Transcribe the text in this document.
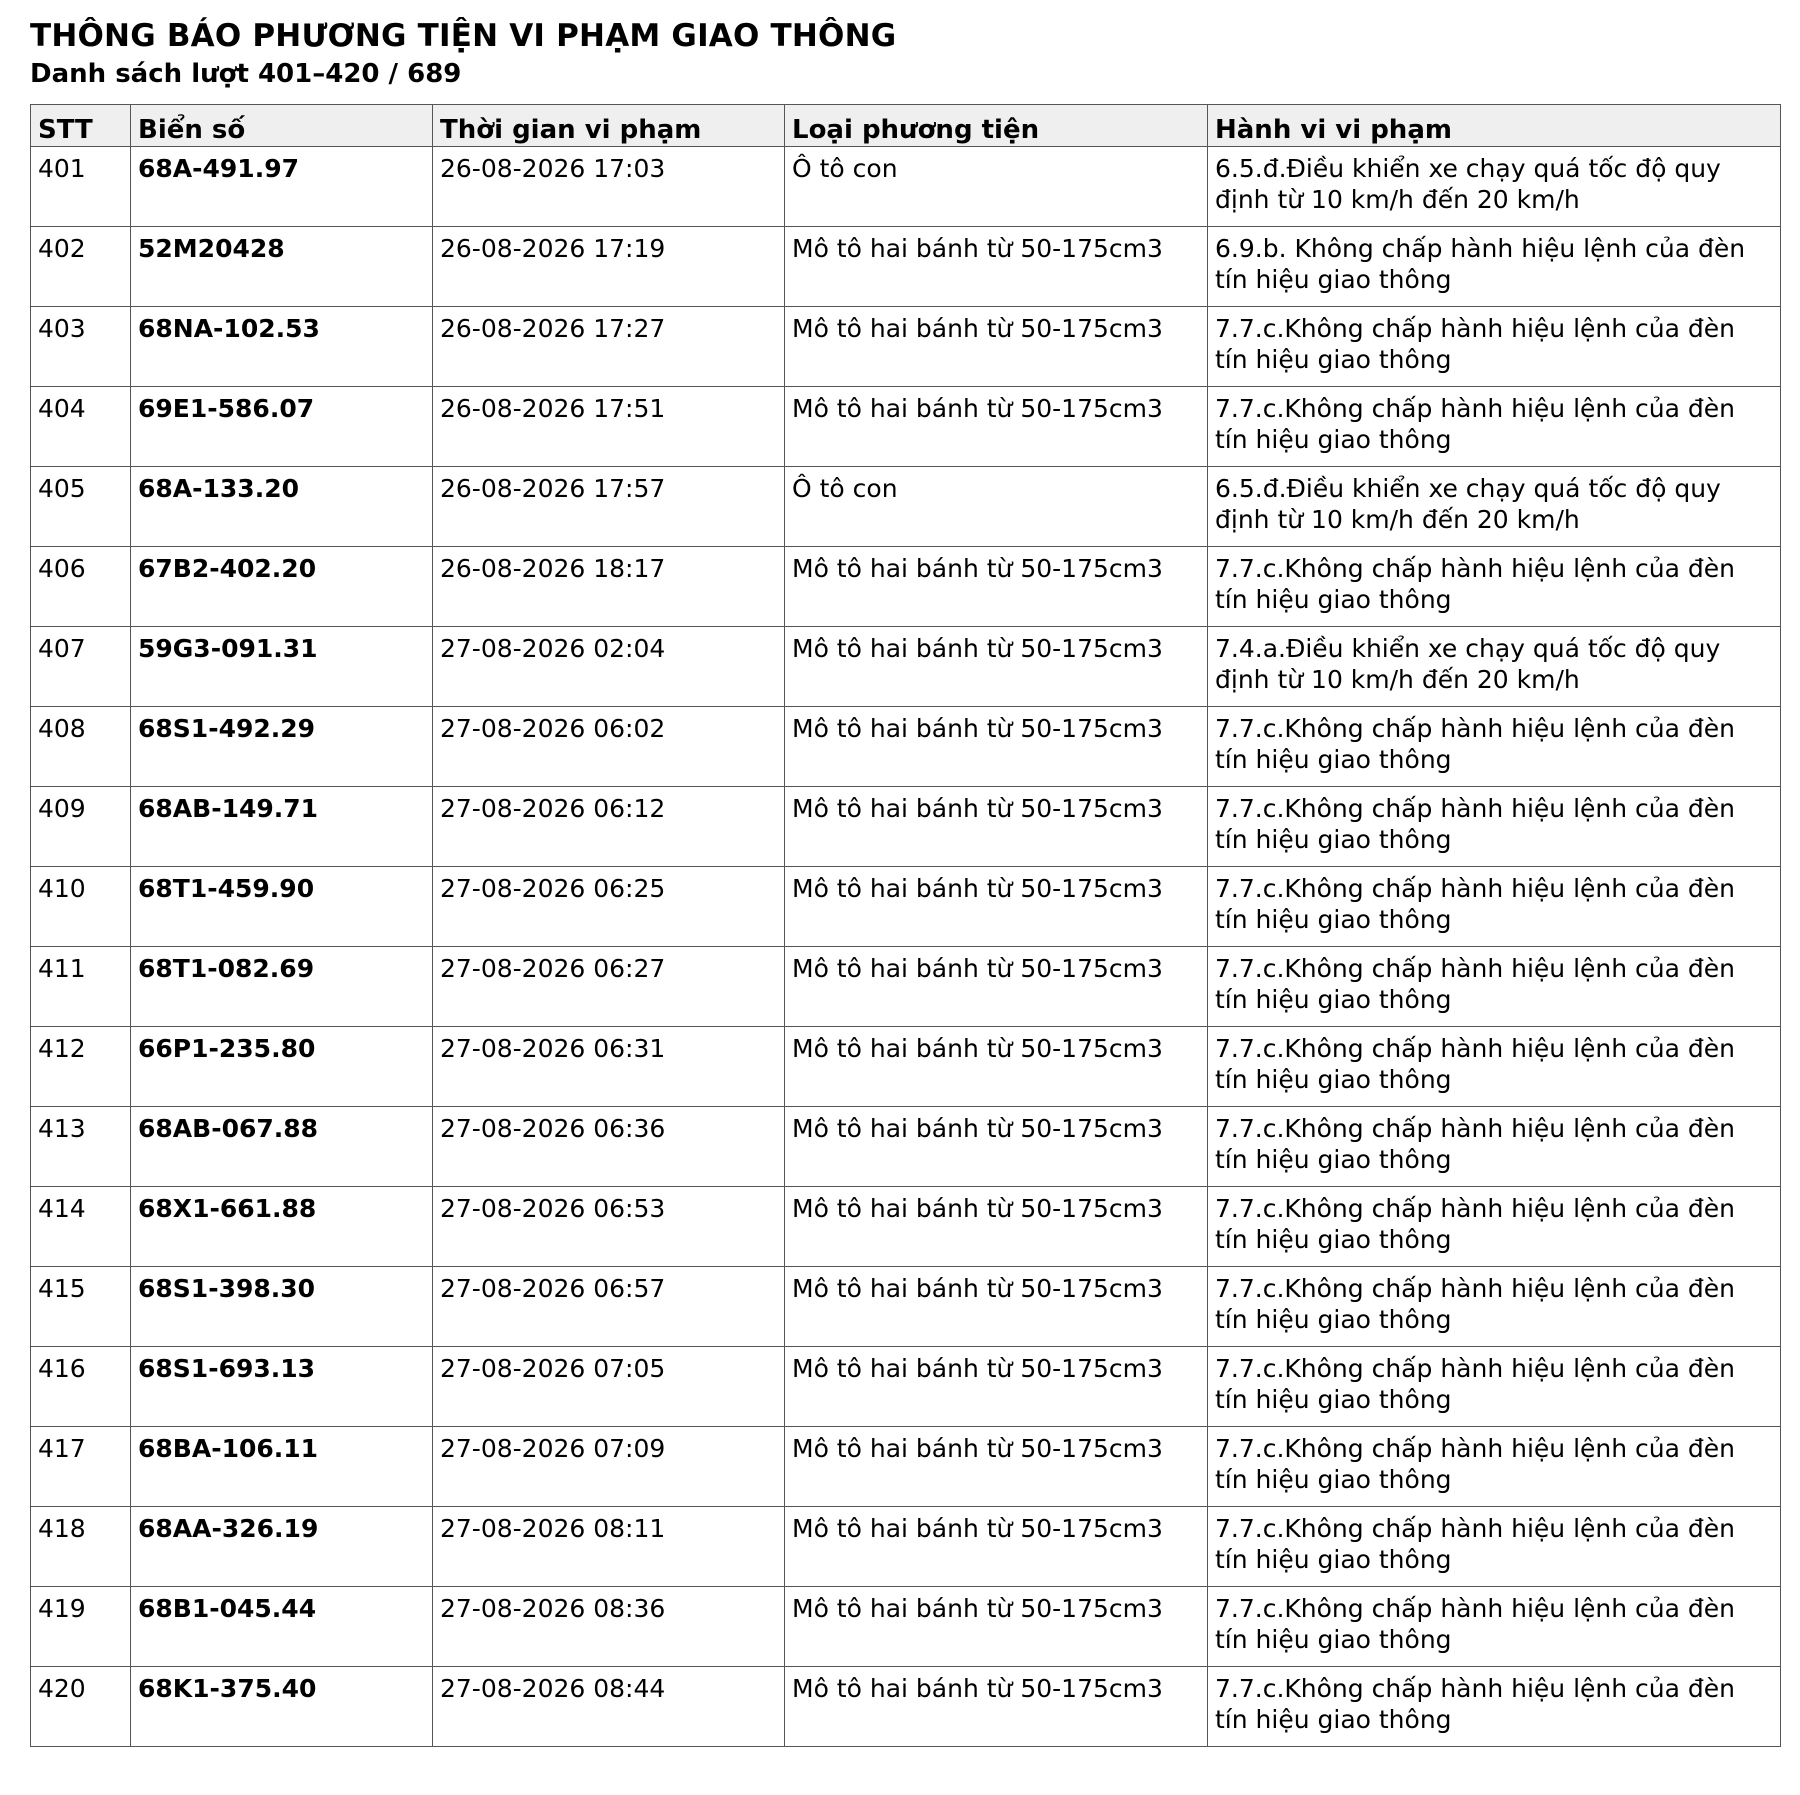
THÔNG BÁO PHƯƠNG TIỆN VI PHẠM GIAO THÔNG
Danh sách lượt 401–420 / 689
STT	Biển số	Thời gian vi phạm	Loại phương tiện	Hành vi vi phạm
401	68A-491.97	26-08-2026 17:03	Ô tô con	6.5.đ.Điều khiển xe chạy quá tốc độ quy định từ 10 km/h đến 20 km/h
402	52M20428	26-08-2026 17:19	Mô tô hai bánh từ 50-175cm3	6.9.b. Không chấp hành hiệu lệnh của đèn tín hiệu giao thông
403	68NA-102.53	26-08-2026 17:27	Mô tô hai bánh từ 50-175cm3	7.7.c.Không chấp hành hiệu lệnh của đèn tín hiệu giao thông
404	69E1-586.07	26-08-2026 17:51	Mô tô hai bánh từ 50-175cm3	7.7.c.Không chấp hành hiệu lệnh của đèn tín hiệu giao thông
405	68A-133.20	26-08-2026 17:57	Ô tô con	6.5.đ.Điều khiển xe chạy quá tốc độ quy định từ 10 km/h đến 20 km/h
406	67B2-402.20	26-08-2026 18:17	Mô tô hai bánh từ 50-175cm3	7.7.c.Không chấp hành hiệu lệnh của đèn tín hiệu giao thông
407	59G3-091.31	27-08-2026 02:04	Mô tô hai bánh từ 50-175cm3	7.4.a.Điều khiển xe chạy quá tốc độ quy định từ 10 km/h đến 20 km/h
408	68S1-492.29	27-08-2026 06:02	Mô tô hai bánh từ 50-175cm3	7.7.c.Không chấp hành hiệu lệnh của đèn tín hiệu giao thông
409	68AB-149.71	27-08-2026 06:12	Mô tô hai bánh từ 50-175cm3	7.7.c.Không chấp hành hiệu lệnh của đèn tín hiệu giao thông
410	68T1-459.90	27-08-2026 06:25	Mô tô hai bánh từ 50-175cm3	7.7.c.Không chấp hành hiệu lệnh của đèn tín hiệu giao thông
411	68T1-082.69	27-08-2026 06:27	Mô tô hai bánh từ 50-175cm3	7.7.c.Không chấp hành hiệu lệnh của đèn tín hiệu giao thông
412	66P1-235.80	27-08-2026 06:31	Mô tô hai bánh từ 50-175cm3	7.7.c.Không chấp hành hiệu lệnh của đèn tín hiệu giao thông
413	68AB-067.88	27-08-2026 06:36	Mô tô hai bánh từ 50-175cm3	7.7.c.Không chấp hành hiệu lệnh của đèn tín hiệu giao thông
414	68X1-661.88	27-08-2026 06:53	Mô tô hai bánh từ 50-175cm3	7.7.c.Không chấp hành hiệu lệnh của đèn tín hiệu giao thông
415	68S1-398.30	27-08-2026 06:57	Mô tô hai bánh từ 50-175cm3	7.7.c.Không chấp hành hiệu lệnh của đèn tín hiệu giao thông
416	68S1-693.13	27-08-2026 07:05	Mô tô hai bánh từ 50-175cm3	7.7.c.Không chấp hành hiệu lệnh của đèn tín hiệu giao thông
417	68BA-106.11	27-08-2026 07:09	Mô tô hai bánh từ 50-175cm3	7.7.c.Không chấp hành hiệu lệnh của đèn tín hiệu giao thông
418	68AA-326.19	27-08-2026 08:11	Mô tô hai bánh từ 50-175cm3	7.7.c.Không chấp hành hiệu lệnh của đèn tín hiệu giao thông
419	68B1-045.44	27-08-2026 08:36	Mô tô hai bánh từ 50-175cm3	7.7.c.Không chấp hành hiệu lệnh của đèn tín hiệu giao thông
420	68K1-375.40	27-08-2026 08:44	Mô tô hai bánh từ 50-175cm3	7.7.c.Không chấp hành hiệu lệnh của đèn tín hiệu giao thông
